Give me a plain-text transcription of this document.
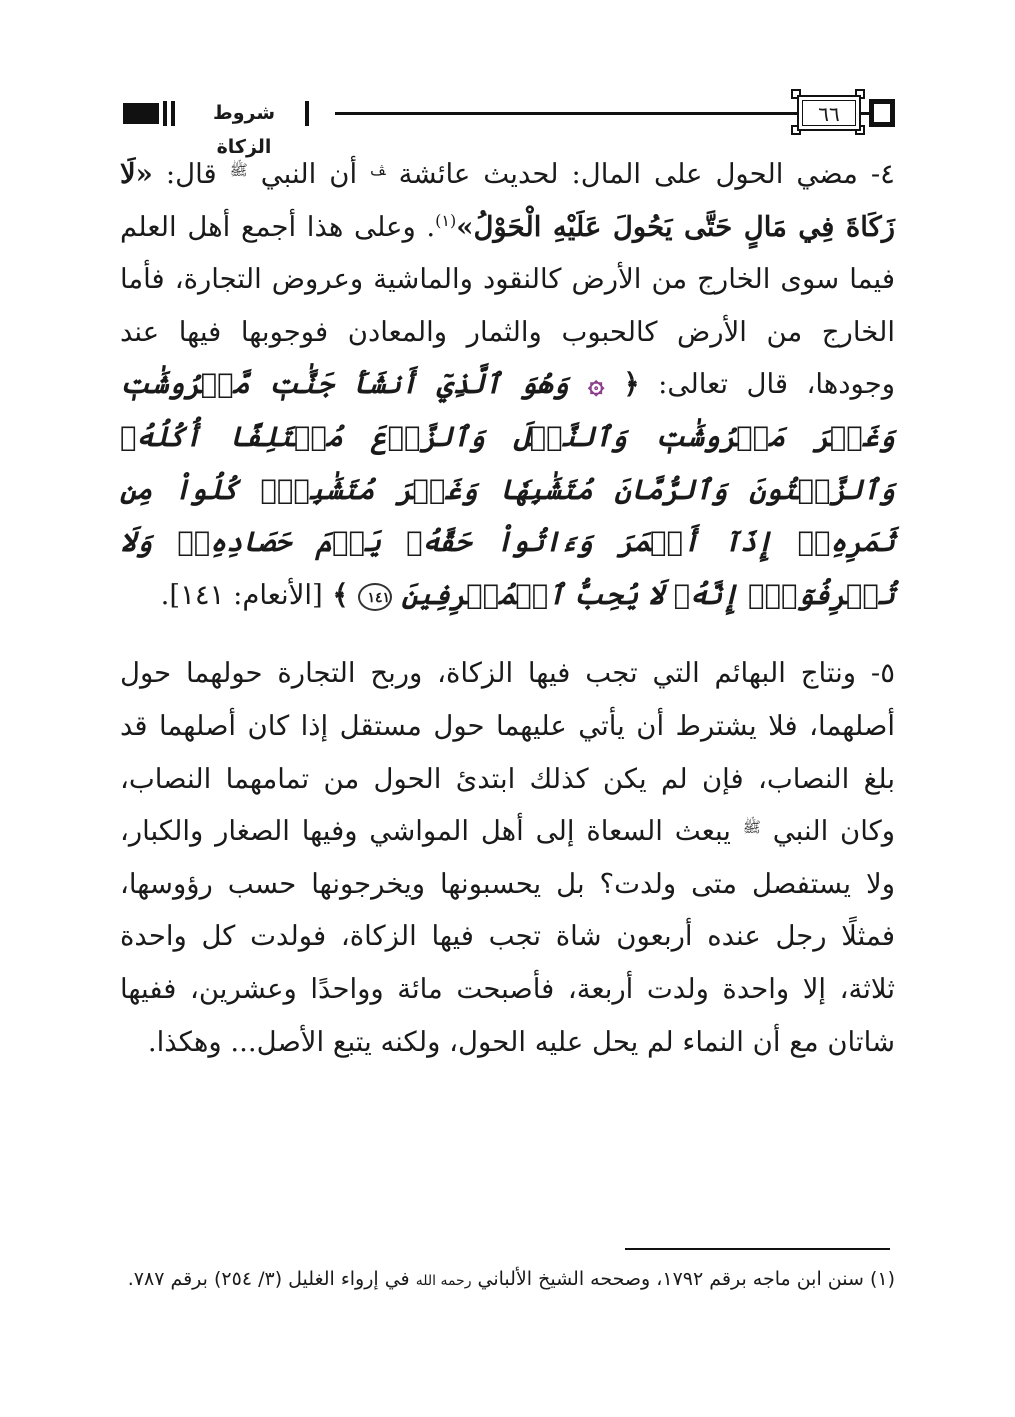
شروط الزكاة
٦٦

٤- مضي الحول على المال: لحديث عائشة $^ﭫ$ أن النبي $^ﷺ$ قال: «لَا زَكَاةَ فِي مَالٍ حَتَّى يَحُولَ عَلَيْهِ الْحَوْلُ»$^{(١)}$. وعلى هذا أجمع أهل العلم فيما سوى الخارج من الأرض كالنقود والماشية وعروض التجارة، فأما الخارج من الأرض كالحبوب والثمار والمعادن فوجوبها فيها عند وجودها، قال تعالى: ﴿ ۞ وَهُوَ ٱلَّذِيٓ أَنشَأَ جَنَّٰتٖ مَّعۡرُوشَٰتٖ وَغَيۡرَ مَعۡرُوشَٰتٖ وَٱلنَّخۡلَ وَٱلزَّرۡعَ مُخۡتَلِفًا أُكُلُهُۥ وَٱلزَّيۡتُونَ وَٱلرُّمَّانَ مُتَشَٰبِهٗا وَغَيۡرَ مُتَشَٰبِهٖۚ كُلُواْ مِن ثَمَرِهِۦٓ إِذَآ أَثۡمَرَ وَءَاتُواْ حَقَّهُۥ يَوۡمَ حَصَادِهِۦۖ وَلَا تُسۡرِفُوٓاْۚ إِنَّهُۥ لَا يُحِبُّ ٱلۡمُسۡرِفِينَ ١٤١ ﴾ [الأنعام: ١٤١].

٥- ونتاج البهائم التي تجب فيها الزكاة، وربح التجارة حولهما حول أصلهما، فلا يشترط أن يأتي عليهما حول مستقل إذا كان أصلهما قد بلغ النصاب، فإن لم يكن كذلك ابتدئ الحول من تمامهما النصاب، وكان النبي $^ﷺ$ يبعث السعاة إلى أهل المواشي وفيها الصغار والكبار، ولا يستفصل متى ولدت؟ بل يحسبونها ويخرجونها حسب رؤوسها، فمثلًا رجل عنده أربعون شاة تجب فيها الزكاة، فولدت كل واحدة ثلاثة، إلا واحدة ولدت أربعة، فأصبحت مائة وواحدًا وعشرين، ففيها شاتان مع أن النماء لم يحل عليه الحول، ولكنه يتبع الأصل... وهكذا.

(١) سنن ابن ماجه برقم ١٧٩٢، وصححه الشيخ الألباني رحمه الله في إرواء الغليل (٣/ ٢٥٤) برقم ٧٨٧.
